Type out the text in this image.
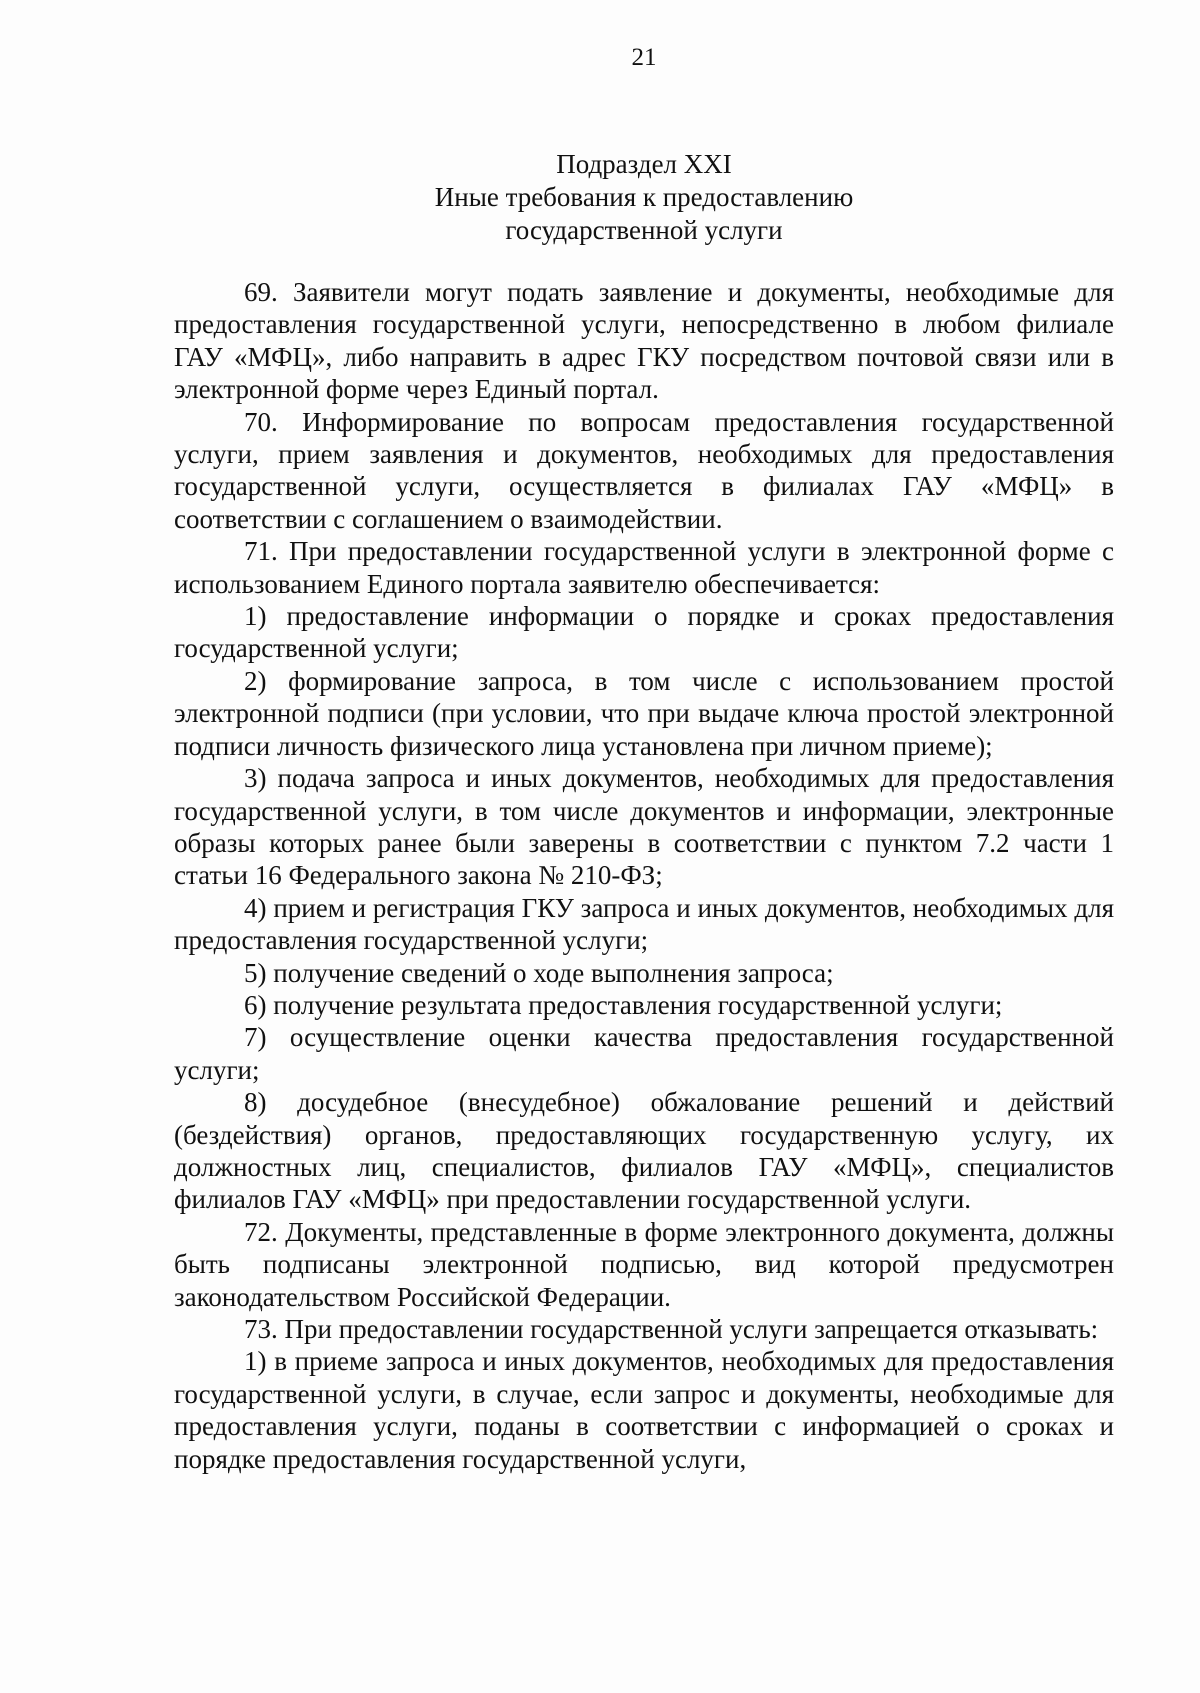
21
Подраздел XXI
Иные требования к предоставлению
государственной услуги

69. Заявители могут подать заявление и документы, необходимые для предоставления государственной услуги, непосредственно в любом филиале ГАУ «МФЦ», либо направить в адрес ГКУ посредством почтовой связи или в электронной форме через Единый портал.

70. Информирование по вопросам предоставления государственной услуги, прием заявления и документов, необходимых для предоставления государственной услуги, осуществляется в филиалах ГАУ «МФЦ» в соответствии с соглашением о взаимодействии.

71. При предоставлении государственной услуги в электронной форме с использованием Единого портала заявителю обеспечивается:

1) предоставление информации о порядке и сроках предоставления государственной услуги;

2) формирование запроса, в том числе с использованием простой электронной подписи (при условии, что при выдаче ключа простой электронной подписи личность физического лица установлена при личном приеме);

3) подача запроса и иных документов, необходимых для предоставления государственной услуги, в том числе документов и информации, электронные образы которых ранее были заверены в соответствии с пунктом 7.2 части 1 статьи 16 Федерального закона № 210-ФЗ;

4) прием и регистрация ГКУ запроса и иных документов, необходимых для предоставления государственной услуги;

5) получение сведений о ходе выполнения запроса;

6) получение результата предоставления государственной услуги;

7) осуществление оценки качества предоставления государственной услуги;

8) досудебное (внесудебное) обжалование решений и действий (бездействия) органов, предоставляющих государственную услугу, их должностных лиц, специалистов, филиалов ГАУ «МФЦ», специалистов филиалов ГАУ «МФЦ» при предоставлении государственной услуги.

72. Документы, представленные в форме электронного документа, должны быть подписаны электронной подписью, вид которой предусмотрен законодательством Российской Федерации.

73. При предоставлении государственной услуги запрещается отказывать:

1) в приеме запроса и иных документов, необходимых для предоставления государственной услуги, в случае, если запрос и документы, необходимые для предоставления услуги, поданы в соответствии с информацией о сроках и порядке предоставления государственной услуги,
